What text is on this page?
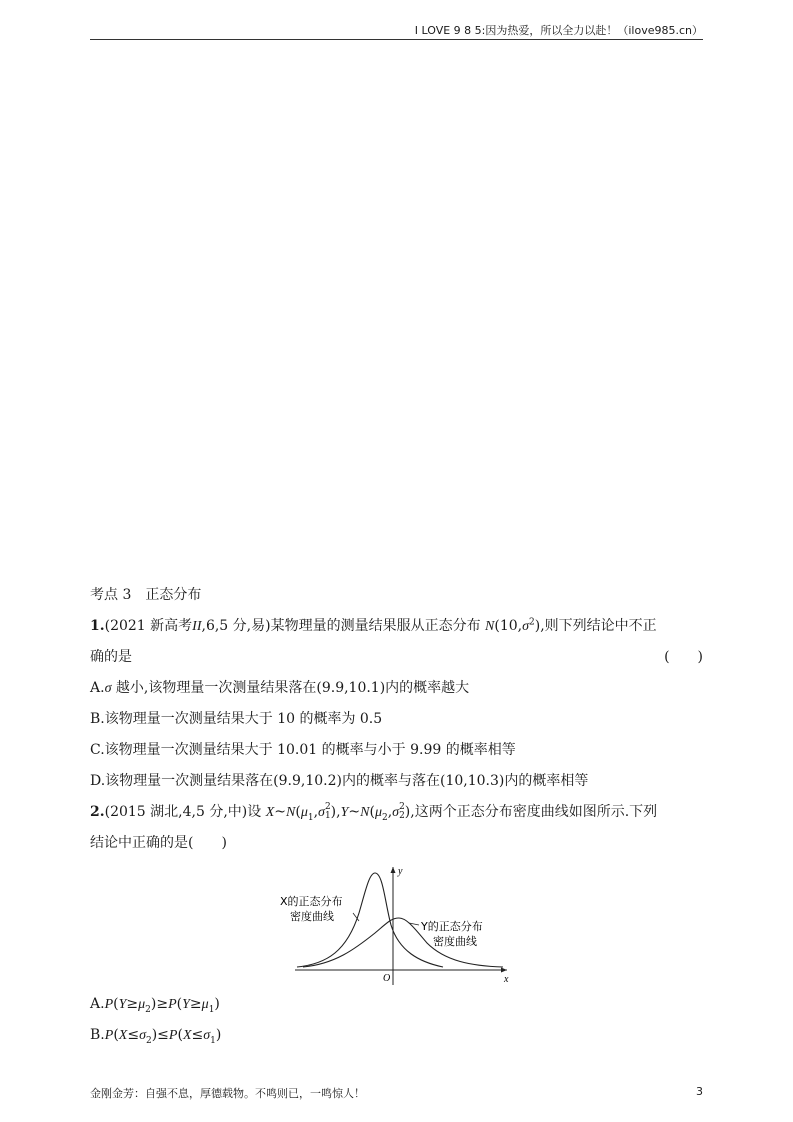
I LOVE 9 8 5:因为热爱，所以全力以赴！（ilove985.cn）
考点 3　正态分布
1.(2021 新高考II,6,5 分,易)某物理量的测量结果服从正态分布 $N(10,\sigma^2)$,则下列结论中不正
确的是	(　　)
A.σ 越小,该物理量一次测量结果落在(9.9,10.1)内的概率越大
B.该物理量一次测量结果大于 10 的概率为 0.5
C.该物理量一次测量结果大于 10.01 的概率与小于 9.99 的概率相等
D.该物理量一次测量结果落在(9.9,10.2)内的概率与落在(10,10.3)内的概率相等
2.(2015 湖北,4,5 分,中)设 $X\sim N(\mu_1,\sigma 2$
$1),Y\sim N(\mu_2,\sigma 2$
2),这两个正态分布密度曲线如图所示.下列
结论中正确的是(　　)
y
x
O
X的正态分布
密度曲线
Y的正态分布
密度曲线
$A.P(Y\ge\mu_2)\ge P(Y\ge\mu_1)$
$B.P(X\le\sigma_2)\le P(X\le\sigma_1)$
金刚金芳：自强不息，厚德载物。不鸣则已，一鸣惊人！	3
